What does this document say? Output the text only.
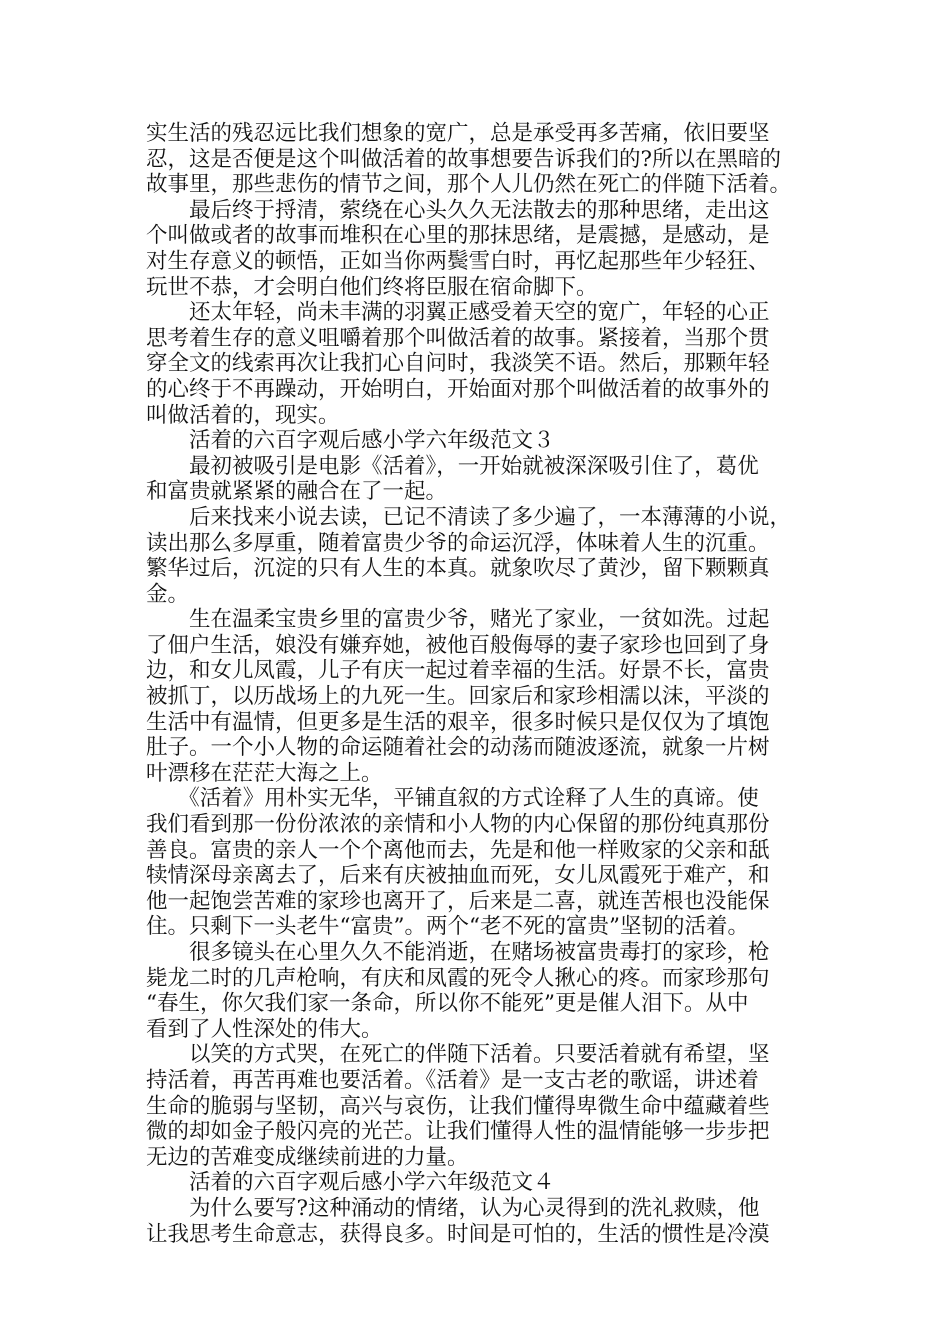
实生活的残忍远比我们想象的宽广，总是承受再多苦痛，依旧要坚
忍，这是否便是这个叫做活着的故事想要告诉我们的?所以在黑暗的
故事里，那些悲伤的情节之间，那个人儿仍然在死亡的伴随下活着。
　　最后终于捋清，萦绕在心头久久无法散去的那种思绪，走出这
个叫做或者的故事而堆积在心里的那抹思绪，是震撼，是感动，是
对生存意义的顿悟，正如当你两鬓雪白时，再忆起那些年少轻狂、
玩世不恭，才会明白他们终将臣服在宿命脚下。
　　还太年轻，尚未丰满的羽翼正感受着天空的宽广，年轻的心正
思考着生存的意义咀嚼着那个叫做活着的故事。紧接着，当那个贯
穿全文的线索再次让我扪心自问时，我淡笑不语。然后，那颗年轻
的心终于不再躁动，开始明白，开始面对那个叫做活着的故事外的
叫做活着的，现实。
　　活着的六百字观后感小学六年级范文３
　　最初被吸引是电影《活着》，一开始就被深深吸引住了，葛优
和富贵就紧紧的融合在了一起。
　　后来找来小说去读，已记不清读了多少遍了，一本薄薄的小说，
读出那么多厚重，随着富贵少爷的命运沉浮，体味着人生的沉重。
繁华过后，沉淀的只有人生的本真。就象吹尽了黄沙，留下颗颗真
金。
　　生在温柔宝贵乡里的富贵少爷，赌光了家业，一贫如洗。过起
了佃户生活，娘没有嫌弃她，被他百般侮辱的妻子家珍也回到了身
边，和女儿凤霞，儿子有庆一起过着幸福的生活。好景不长，富贵
被抓丁，以历战场上的九死一生。回家后和家珍相濡以沫，平淡的
生活中有温情，但更多是生活的艰辛，很多时候只是仅仅为了填饱
肚子。一个小人物的命运随着社会的动荡而随波逐流，就象一片树
叶漂移在茫茫大海之上。
　　《活着》用朴实无华，平铺直叙的方式诠释了人生的真谛。使
我们看到那一份份浓浓的亲情和小人物的内心保留的那份纯真那份
善良。富贵的亲人一个个离他而去，先是和他一样败家的父亲和舐
犊情深母亲离去了，后来有庆被抽血而死，女儿凤霞死于难产，和
他一起饱尝苦难的家珍也离开了，后来是二喜，就连苦根也没能保
住。只剩下一头老牛“富贵”。两个“老不死的富贵”坚韧的活着。
　　很多镜头在心里久久不能消逝，在赌场被富贵毒打的家珍，枪
毙龙二时的几声枪响，有庆和凤霞的死令人揪心的疼。而家珍那句
“春生，你欠我们家一条命，所以你不能死”更是催人泪下。从中
看到了人性深处的伟大。
　　以笑的方式哭，在死亡的伴随下活着。只要活着就有希望，坚
持活着，再苦再难也要活着。《活着》是一支古老的歌谣，讲述着
生命的脆弱与坚韧，高兴与哀伤，让我们懂得卑微生命中蕴藏着些
微的却如金子般闪亮的光芒。让我们懂得人性的温情能够一步步把
无边的苦难变成继续前进的力量。
　　活着的六百字观后感小学六年级范文４
　　为什么要写?这种涌动的情绪，认为心灵得到的洗礼救赎，他
让我思考生命意志，获得良多。时间是可怕的，生活的惯性是冷漠
